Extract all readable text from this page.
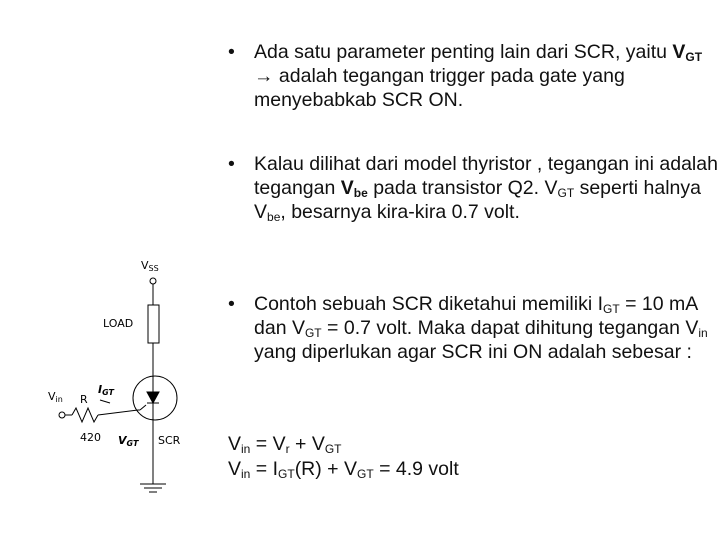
• Ada satu parameter penting lain dari SCR, yaitu $V_{GT}$ → adalah tegangan trigger pada gate yang menyebabkab SCR ON.
• Kalau dilihat dari model thyristor , tegangan ini adalah tegangan $V_{be}$ pada transistor Q2. $V_{GT}$ seperti halnya $V_{be}$, besarnya kira-kira 0.7 volt.
• Contoh sebuah SCR diketahui memiliki $I_{GT} = 10$ mA dan $V_{GT} = 0.7$ volt. Maka dapat dihitung tegangan $V_{in}$ yang diperlukan agar SCR ini ON adalah sebesar :
$V_{in} = V_r + V_{GT}$
$V_{in} = I_{GT}(R) + V_{GT} = 4.9$ volt
VSS
LOAD
Vin R
IGT
420 VGT SCR
